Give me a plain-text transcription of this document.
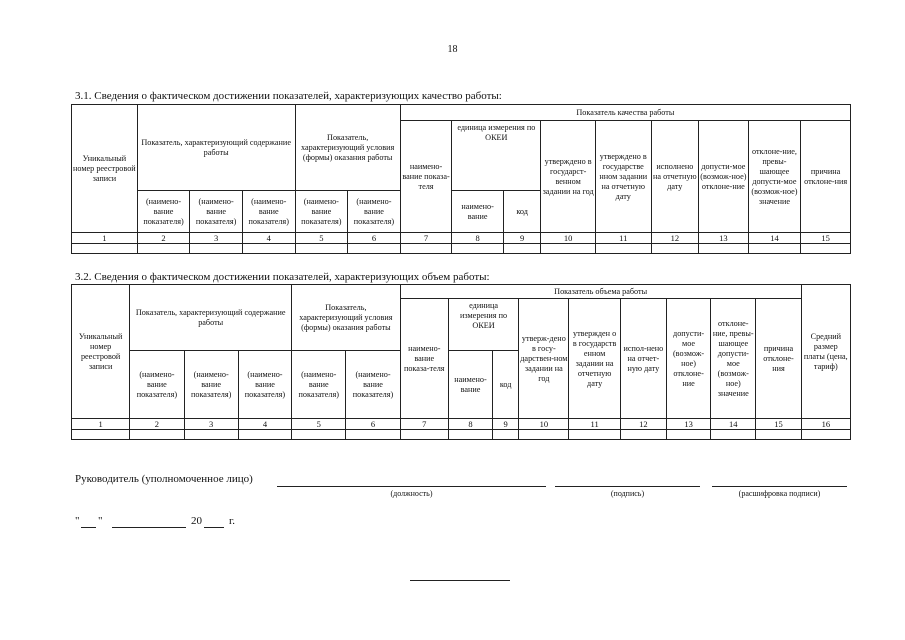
18
3.1. Сведения о фактическом достижении показателей, характеризующих качество работы:
Уникальный номер реестровой записи	Показатель, характеризующий содержание работы			Показатель, характеризующий условия (формы) оказания работы		Показатель качества работы								
						наимено-вание показа-теля	единица измерения по ОКЕИ		утверждено в государст-венном задании на год	утверждено в государстве нном задании на отчетную дату	исполнено на отчетную дату	допусти-мое (возмож-ное) отклоне-ние	отклоне-ние, превы-шающее допусти-мое (возмож-ное) значение	причина отклоне-ния
	(наимено-вание показателя)	(наимено-вание показателя)	(наимено-вание показателя)	(наимено-вание показателя)	(наимено-вание показателя)		наимено-вание	код						
1	2	3	4	5	6	7	8	9	10	11	12	13	14	15

3.2. Сведения о фактическом достижении показателей, характеризующих объем работы:
Уникальный номер реестровой записи	Показатель, характеризующий содержание работы			Показатель, характеризующий условия (формы) оказания работы		Показатель объема работы									Средний размер платы (цена, тариф)
						наимено-вание показа-теля	единица измерения по ОКЕИ		утверж-дено в госу-дарствен-ном задании на год	утвержден о в государств енном задании на отчетную дату	испол-нено на отчет-ную дату	допусти-мое (возмож-ное) отклоне-ние	отклоне-ние, превы-шающее допусти-мое (возмож-ное) значение	причина отклоне-ния	
	(наимено-вание показателя)	(наимено-вание показателя)	(наимено-вание показателя)	(наимено-вание показателя)	(наимено-вание показателя)		наимено-вание	код							
1	2	3	4	5	6	7	8	9	10	11	12	13	14	15	16

Руководитель (уполномоченное лицо)
(должность)	(подпись)	(расшифровка подписи)
" "	20 г.
